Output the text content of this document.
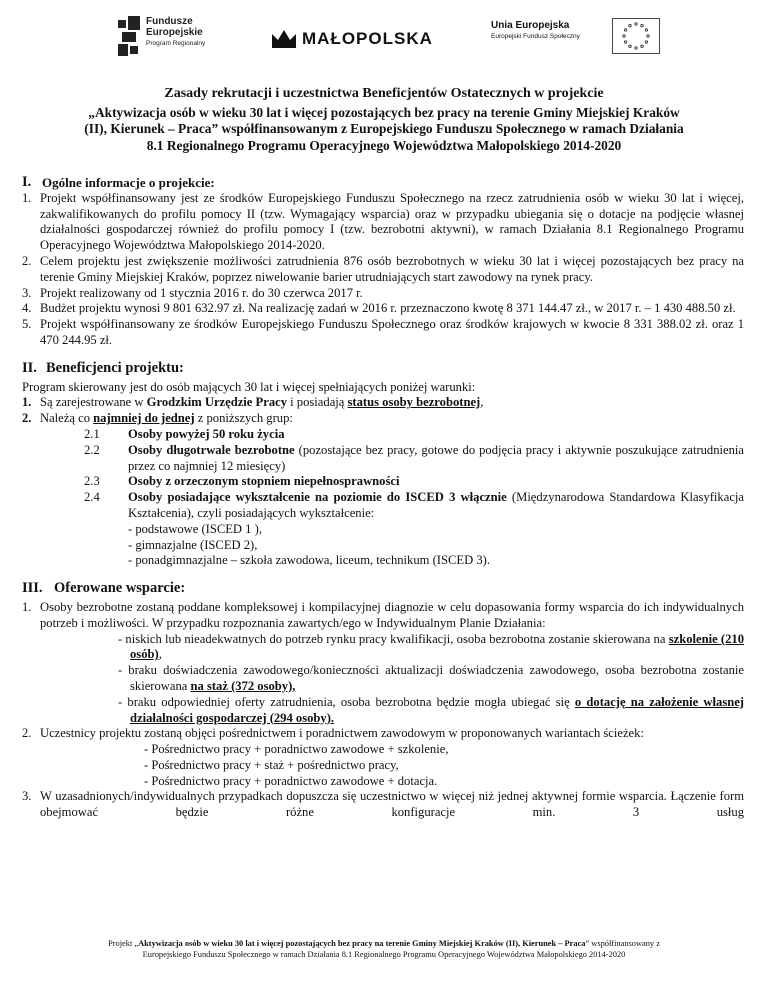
Fundusze
Europejskie
Program Regionalny	MAŁOPOLSKA
Unia Europejska
Europejski Fundusz Społeczny
Zasady rekrutacji i uczestnictwa Beneficjentów Ostatecznych w projekcie
„Aktywizacja osób w wieku 30 lat i więcej pozostających bez pracy na terenie Gminy Miejskiej Kraków
(II), Kierunek – Praca” współfinansowanym z Europejskiego Funduszu Społecznego w ramach Działania
8.1 Regionalnego Programu Operacyjnego Województwa Małopolskiego 2014-2020
I. Ogólne informacje o projekcie:
1. Projekt współfinansowany jest ze środków Europejskiego Funduszu Społecznego na rzecz zatrudnienia osób w wieku 30 lat i więcej, zakwalifikowanych do profilu pomocy II (tzw. Wymagający wsparcia) oraz w przypadku ubiegania się o dotacje na podjęcie własnej działalności gospodarczej również do profilu pomocy I (tzw. bezrobotni aktywni), w ramach Działania 8.1 Regionalnego Programu Operacyjnego Województwa Małopolskiego 2014-2020.
2. Celem projektu jest zwiększenie możliwości zatrudnienia 876 osób bezrobotnych w wieku 30 lat i więcej pozostających bez pracy na terenie Gminy Miejskiej Kraków, poprzez niwelowanie barier utrudniających start zawodowy na rynek pracy.
3. Projekt realizowany od 1 stycznia 2016 r. do 30 czerwca 2017 r.
4. Budżet projektu wynosi 9 801 632.97 zł. Na realizację zadań w 2016 r. przeznaczono kwotę 8 371 144.47 zł., w 2017 r. – 1 430 488.50 zł.
5. Projekt współfinansowany ze środków Europejskiego Funduszu Społecznego oraz środków krajowych w kwocie 8 331 388.02 zł. oraz 1 470 244.95 zł.
II. Beneficjenci projektu:

Program skierowany jest do osób mających 30 lat i więcej spełniających poniżej warunki:

1. Są zarejestrowane w Grodzkim Urzędzie Pracy i posiadają status osoby bezrobotnej,
2. Należą co najmniej do jednej z poniższych grup:
2.1	Osoby powyżej 50 roku życia
2.2	Osoby długotrwale bezrobotne (pozostające bez pracy, gotowe do podjęcia pracy i aktywnie poszukujące zatrudnienia przez co najmniej 12 miesięcy)
2.3	Osoby z orzeczonym stopniem niepełnosprawności
2.4	Osoby posiadające wykształcenie na poziomie do ISCED 3 włącznie (Międzynarodowa Standardowa Klasyfikacja Kształcenia), czyli posiadających wykształcenie:
- podstawowe (ISCED 1 ),
- gimnazjalne (ISCED 2),
- ponadgimnazjalne – szkoła zawodowa, liceum, technikum (ISCED 3).
III. Oferowane wsparcie:
1. Osoby bezrobotne zostaną poddane kompleksowej i kompilacyjnej diagnozie w celu dopasowania formy wsparcia do ich indywidualnych potrzeb i możliwości. W przypadku rozpoznania zawartych/ego w Indywidualnym Planie Działania:
- niskich lub nieadekwatnych do potrzeb rynku pracy kwalifikacji, osoba bezrobotna zostanie skierowana na szkolenie (210 osób),
- braku doświadczenia zawodowego/konieczności aktualizacji doświadczenia zawodowego, osoba bezrobotna zostanie skierowana na staż (372 osoby),
- braku odpowiedniej oferty zatrudnienia, osoba bezrobotna będzie mogła ubiegać się o dotację na założenie własnej działalności gospodarczej (294 osoby).
2. Uczestnicy projektu zostaną objęci pośrednictwem i poradnictwem zawodowym w proponowanych wariantach ścieżek:
- Pośrednictwo pracy + poradnictwo zawodowe + szkolenie,
- Pośrednictwo pracy + staż + pośrednictwo pracy,
- Pośrednictwo pracy + poradnictwo zawodowe + dotacja.
3. W uzasadnionych/indywidualnych przypadkach dopuszcza się uczestnictwo w więcej niż jednej aktywnej formie wsparcia. Łączenie form obejmować będzie różne konfiguracje min. 3 usług
Projekt „Aktywizacja osób w wieku 30 lat i więcej pozostających bez pracy na terenie Gminy Miejskiej Kraków (II), Kierunek – Praca” współfinansowany z
Europejskiego Funduszu Społecznego w ramach Działania 8.1 Regionalnego Programu Operacyjnego Województwa Małopolskiego 2014-2020
